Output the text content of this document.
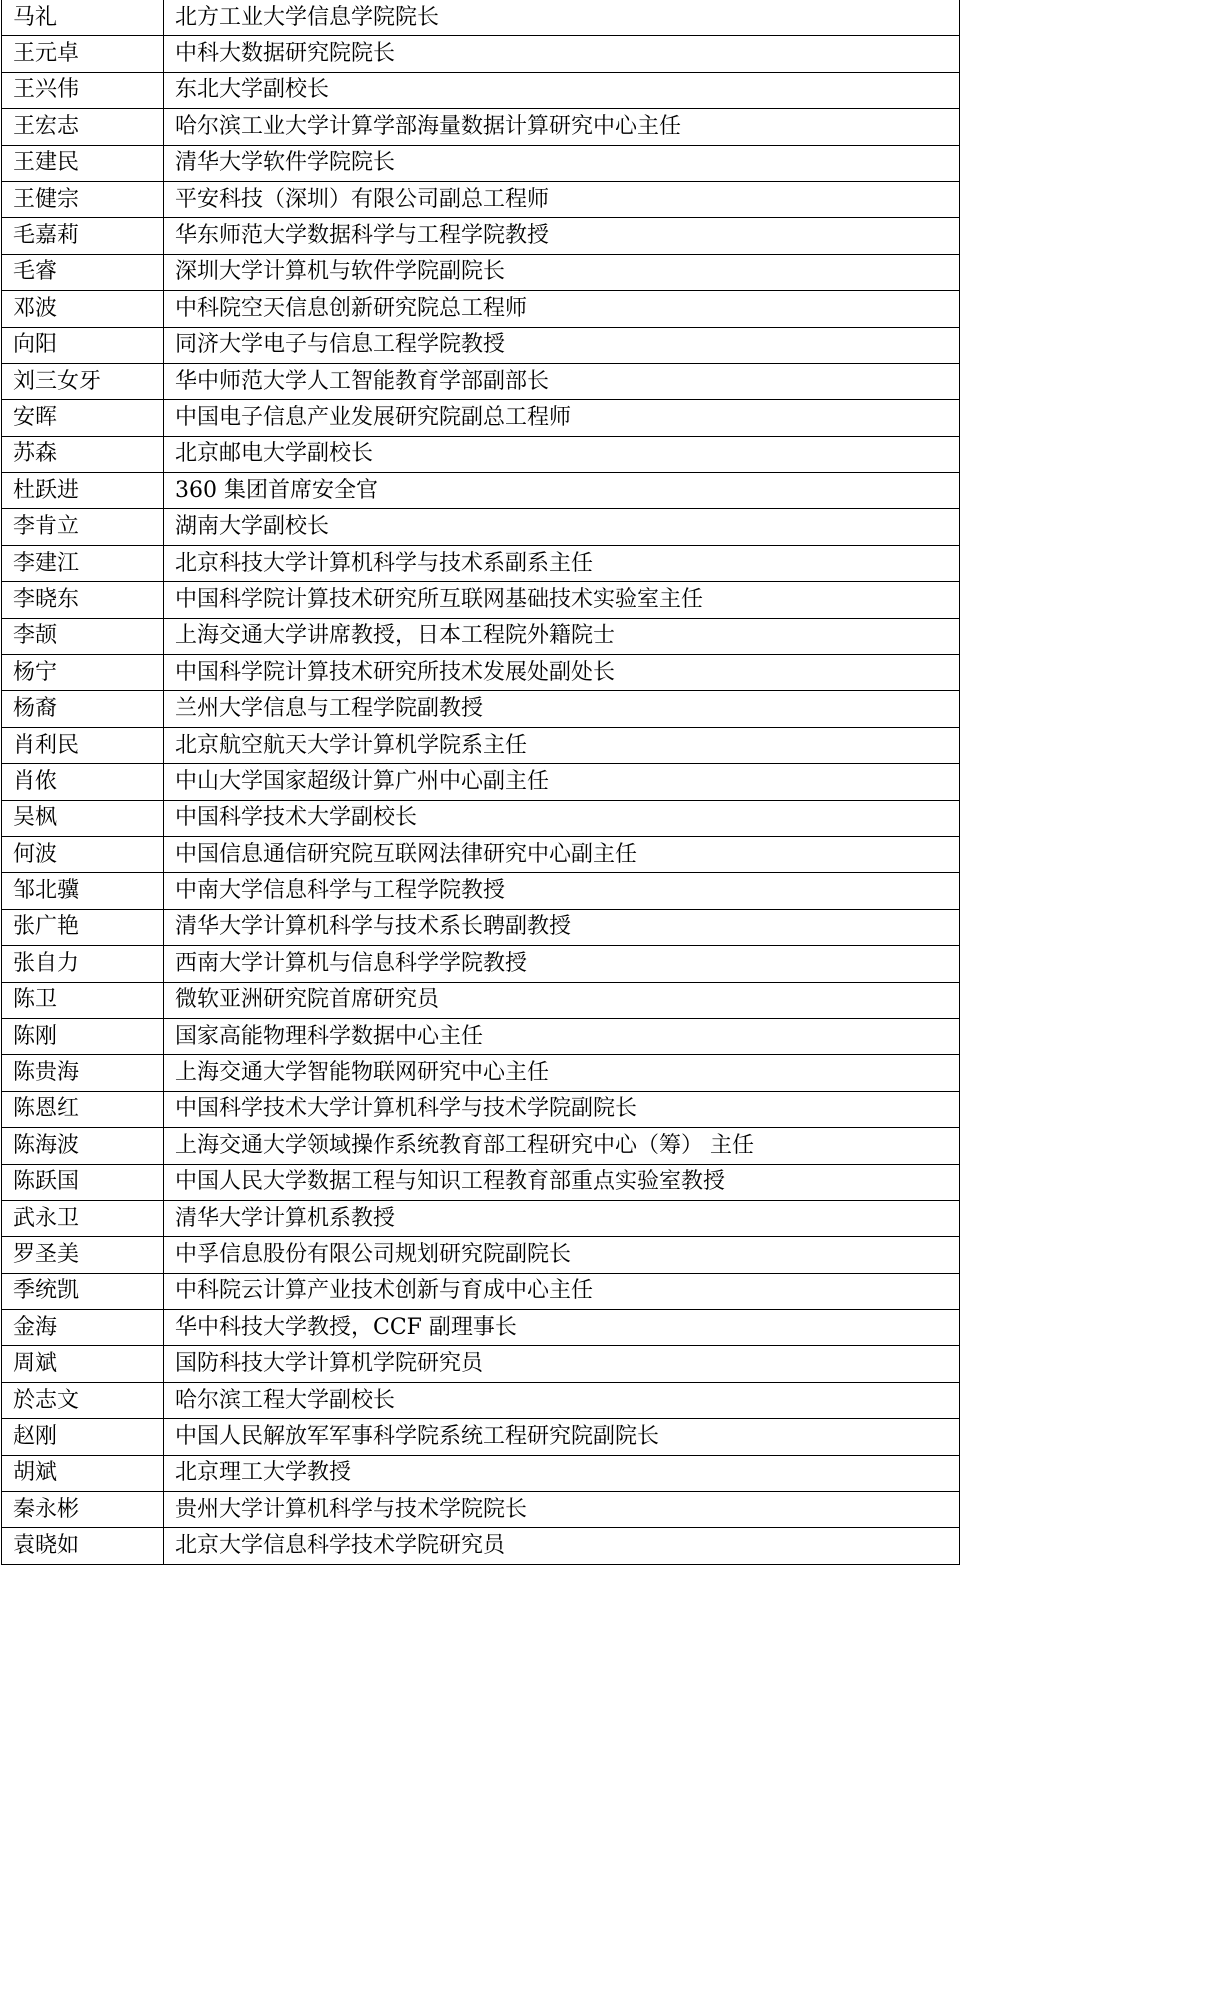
马礼	北方工业大学信息学院院长
王元卓	中科大数据研究院院长
王兴伟	东北大学副校长
王宏志	哈尔滨工业大学计算学部海量数据计算研究中心主任
王建民	清华大学软件学院院长
王健宗	平安科技（深圳）有限公司副总工程师
毛嘉莉	华东师范大学数据科学与工程学院教授
毛睿	深圳大学计算机与软件学院副院长
邓波	中科院空天信息创新研究院总工程师
向阳	同济大学电子与信息工程学院教授
刘三女牙	华中师范大学人工智能教育学部副部长
安晖	中国电子信息产业发展研究院副总工程师
苏森	北京邮电大学副校长
杜跃进	360 集团首席安全官
李肯立	湖南大学副校长
李建江	北京科技大学计算机科学与技术系副系主任
李晓东	中国科学院计算技术研究所互联网基础技术实验室主任
李颉	上海交通大学讲席教授，日本工程院外籍院士
杨宁	中国科学院计算技术研究所技术发展处副处长
杨裔	兰州大学信息与工程学院副教授
肖利民	北京航空航天大学计算机学院系主任
肖侬	中山大学国家超级计算广州中心副主任
吴枫	中国科学技术大学副校长
何波	中国信息通信研究院互联网法律研究中心副主任
邹北骥	中南大学信息科学与工程学院教授
张广艳	清华大学计算机科学与技术系长聘副教授
张自力	西南大学计算机与信息科学学院教授
陈卫	微软亚洲研究院首席研究员
陈刚	国家高能物理科学数据中心主任
陈贵海	上海交通大学智能物联网研究中心主任
陈恩红	中国科学技术大学计算机科学与技术学院副院长
陈海波	上海交通大学领域操作系统教育部工程研究中心（筹） 主任
陈跃国	中国人民大学数据工程与知识工程教育部重点实验室教授
武永卫	清华大学计算机系教授
罗圣美	中孚信息股份有限公司规划研究院副院长
季统凯	中科院云计算产业技术创新与育成中心主任
金海	华中科技大学教授，CCF 副理事长
周斌	国防科技大学计算机学院研究员
於志文	哈尔滨工程大学副校长
赵刚	中国人民解放军军事科学院系统工程研究院副院长
胡斌	北京理工大学教授
秦永彬	贵州大学计算机科学与技术学院院长
袁晓如	北京大学信息科学技术学院研究员
